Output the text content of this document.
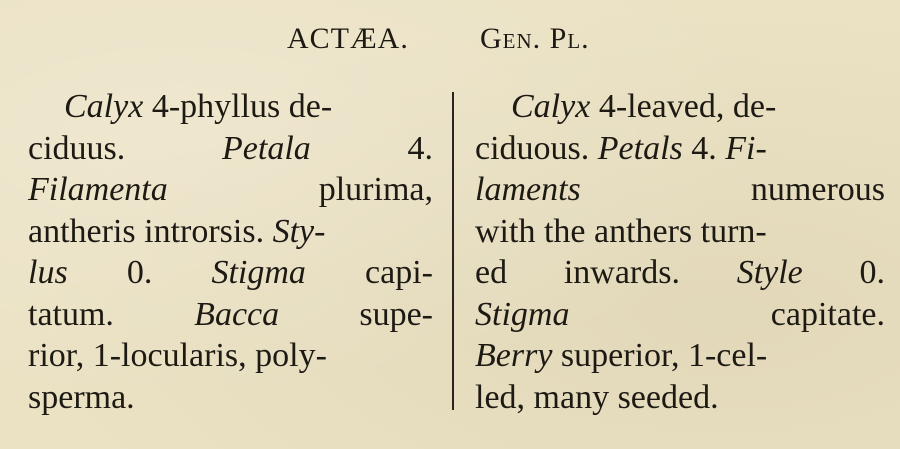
ACTÆA. Gen. Pl.
Calyx 4-phyllus de-
ciduus.	Petala 4.
Filamenta	plurima,
antheris introrsis. Sty-
lus 0. Stigma capi-
tatum. Bacca supe-
rior, 1-locularis, poly-
sperma.
Calyx 4-leaved, de-
ciduous. Petals 4. Fi-
laments	numerous
with the anthers turn-
ed inwards. Style 0.
Stigma	capitate.
Berry superior, 1-cel-
led, many seeded.
